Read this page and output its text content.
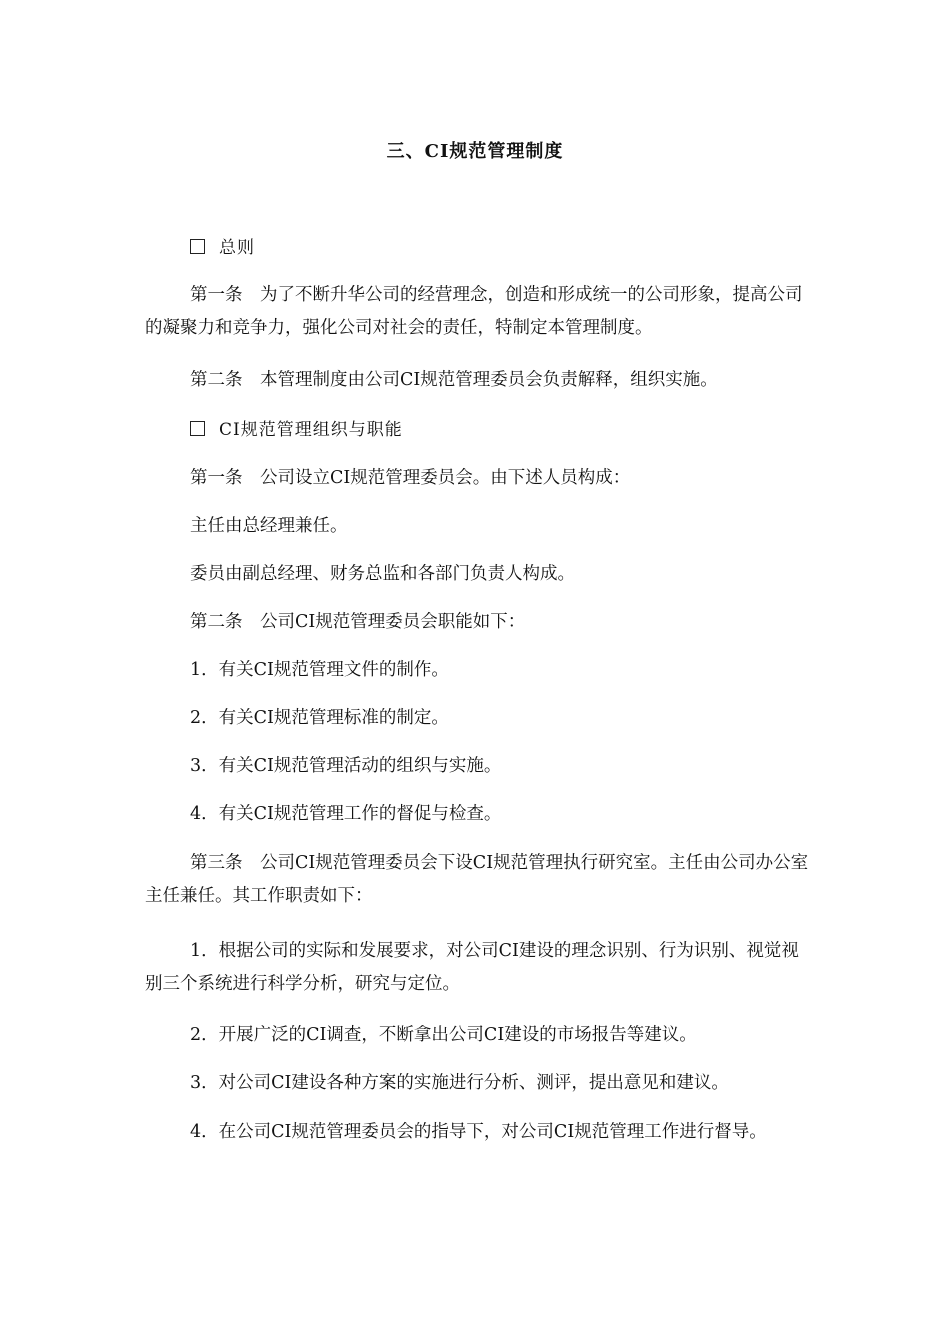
三、CI规范管理制度
总则
第一条　为了不断升华公司的经营理念，创造和形成统一的公司形象，提高公司的凝聚力和竞争力，强化公司对社会的责任，特制定本管理制度。
第二条　本管理制度由公司CI规范管理委员会负责解释，组织实施。
CI规范管理组织与职能
第一条　公司设立CI规范管理委员会。由下述人员构成：
主任由总经理兼任。
委员由副总经理、财务总监和各部门负责人构成。
第二条　公司CI规范管理委员会职能如下：
1．有关CI规范管理文件的制作。
2．有关CI规范管理标准的制定。
3．有关CI规范管理活动的组织与实施。
4．有关CI规范管理工作的督促与检查。
第三条　公司CI规范管理委员会下设CI规范管理执行研究室。主任由公司办公室主任兼任。其工作职责如下：
1．根据公司的实际和发展要求，对公司CI建设的理念识别、行为识别、视觉视别三个系统进行科学分析，研究与定位。
2．开展广泛的CI调查，不断拿出公司CI建设的市场报告等建议。
3．对公司CI建设各种方案的实施进行分析、测评，提出意见和建议。
4．在公司CI规范管理委员会的指导下，对公司CI规范管理工作进行督导。
